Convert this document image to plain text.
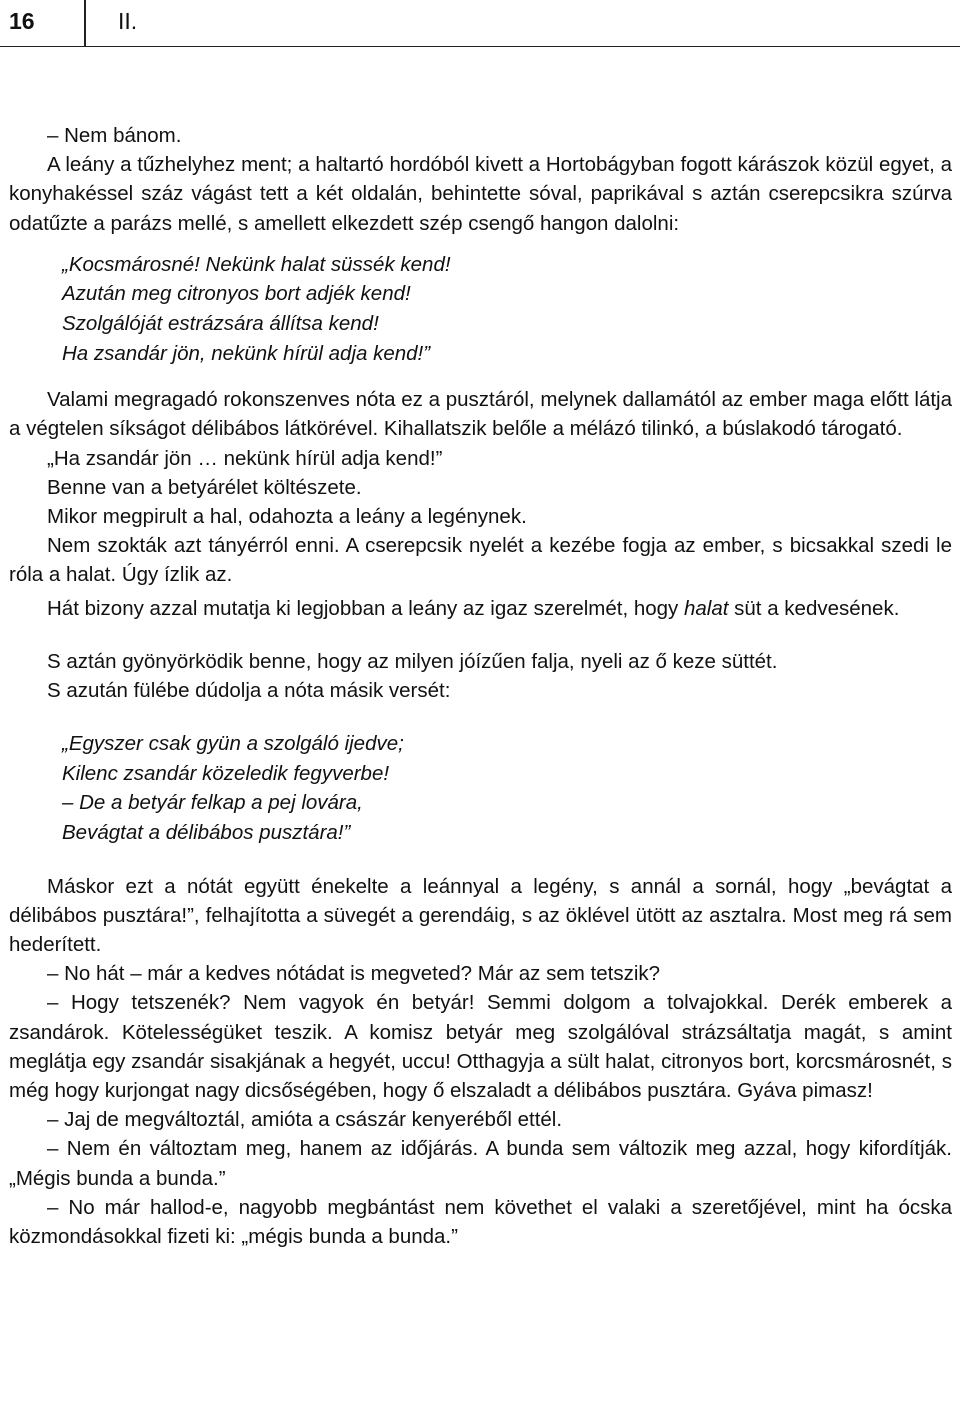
16	II.

– Nem bánom.

A leány a tűzhelyhez ment; a haltartó hordóból kivett a Hortobágyban fogott kárászok közül egyet, a konyhakéssel száz vágást tett a két oldalán, behintette sóval, paprikával s aztán cserepcsikra szúrva odatűzte a parázs mellé, s amellett elkezdett szép csengő hangon dalolni:

„Kocsmárosné! Nekünk halat süssék kend!
Azután meg citronyos bort adjék kend!
Szolgálóját estrázsára állítsa kend!
Ha zsandár jön, nekünk hírül adja kend!”

Valami megragadó rokonszenves nóta ez a pusztáról, melynek dallamától az ember maga előtt látja a végtelen síkságot délibábos látkörével. Kihallatszik belőle a mélázó tilinkó, a búslakodó tárogató.

„Ha zsandár jön … nekünk hírül adja kend!”

Benne van a betyárélet költészete.

Mikor megpirult a hal, odahozta a leány a legénynek.

Nem szokták azt tányérról enni. A cserepcsik nyelét a kezébe fogja az ember, s bicsakkal szedi le róla a halat. Úgy ízlik az.

Hát bizony azzal mutatja ki legjobban a leány az igaz szerelmét, hogy halat süt a kedvesének.

S aztán gyönyörködik benne, hogy az milyen jóízűen falja, nyeli az ő keze süttét.

S azután fülébe dúdolja a nóta másik versét:

„Egyszer csak gyün a szolgáló ijedve;
Kilenc zsandár közeledik fegyverbe!
– De a betyár felkap a pej lovára,
Bevágtat a délibábos pusztára!”

Máskor ezt a nótát együtt énekelte a leánnyal a legény, s annál a sornál, hogy „bevágtat a délibábos pusztára!”, felhajította a süvegét a gerendáig, s az öklével ütött az asztalra. Most meg rá sem hederített.

– No hát – már a kedves nótádat is megveted? Már az sem tetszik?

– Hogy tetszenék? Nem vagyok én betyár! Semmi dolgom a tolvajokkal. Derék emberek a zsandárok. Kötelességüket teszik. A komisz betyár meg szolgálóval strázsáltatja magát, s amint meglátja egy zsandár sisakjának a hegyét, uccu! Otthagyja a sült halat, citronyos bort, korcsmárosnét, s még hogy kurjongat nagy dicsőségében, hogy ő elszaladt a délibábos pusztára. Gyáva pimasz!

– Jaj de megváltoztál, amióta a császár kenyeréből ettél.

– Nem én változtam meg, hanem az időjárás. A bunda sem változik meg azzal, hogy kifordítják. „Mégis bunda a bunda.”

– No már hallod-e, nagyobb megbántást nem követhet el valaki a szeretőjével, mint ha ócska közmondásokkal fizeti ki: „mégis bunda a bunda.”
